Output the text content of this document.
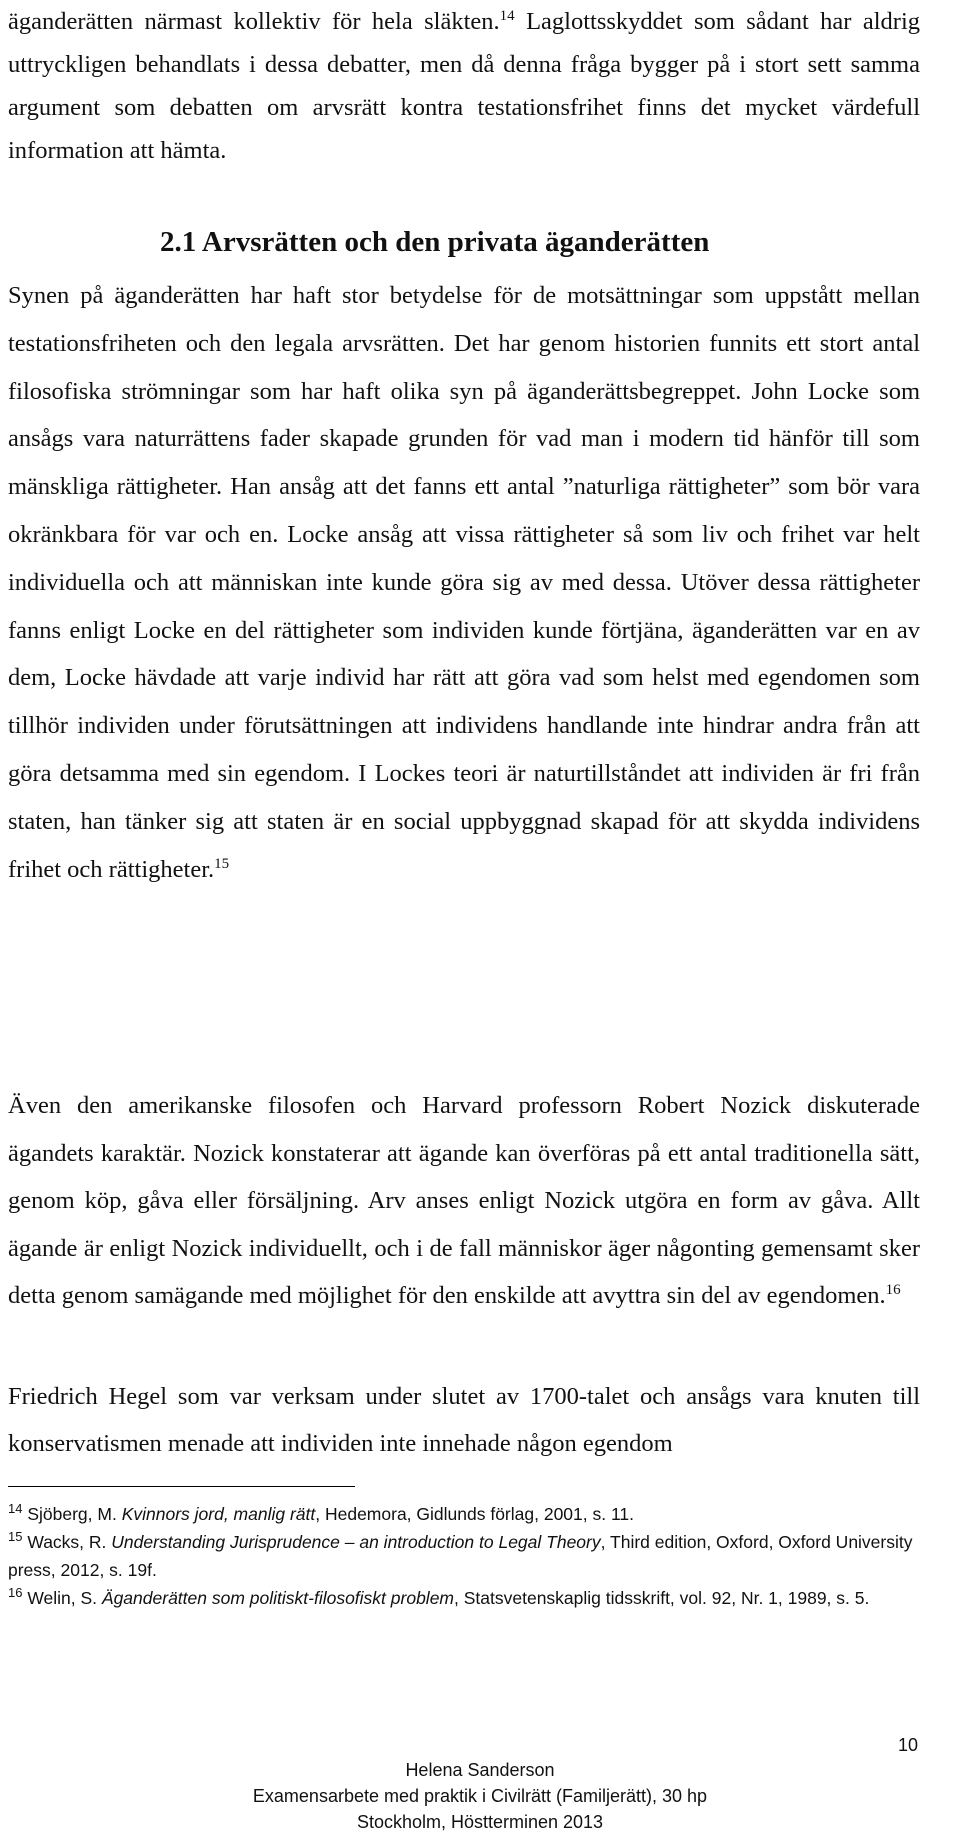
äganderätten närmast kollektiv för hela släkten.$^{14}$ Laglottsskyddet som sådant har aldrig uttryckligen behandlats i dessa debatter, men då denna fråga bygger på i stort sett samma argument som debatten om arvsrätt kontra testationsfrihet finns det mycket värdefull information att hämta.
2.1 Arvsrätten och den privata äganderätten
Synen på äganderätten har haft stor betydelse för de motsättningar som uppstått mellan testationsfriheten och den legala arvsrätten. Det har genom historien funnits ett stort antal filosofiska strömningar som har haft olika syn på äganderättsbegreppet. John Locke som ansågs vara naturrättens fader skapade grunden för vad man i modern tid hänför till som mänskliga rättigheter. Han ansåg att det fanns ett antal ”naturliga rättigheter” som bör vara okränkbara för var och en. Locke ansåg att vissa rättigheter så som liv och frihet var helt individuella och att människan inte kunde göra sig av med dessa. Utöver dessa rättigheter fanns enligt Locke en del rättigheter som individen kunde förtjäna, äganderätten var en av dem, Locke hävdade att varje individ har rätt att göra vad som helst med egendomen som tillhör individen under förutsättningen att individens handlande inte hindrar andra från att göra detsamma med sin egendom. I Lockes teori är naturtillståndet att individen är fri från staten, han tänker sig att staten är en social uppbyggnad skapad för att skydda individens frihet och rättigheter.$^{15}$
Även den amerikanske filosofen och Harvard professorn Robert Nozick diskuterade ägandets karaktär. Nozick konstaterar att ägande kan överföras på ett antal traditionella sätt, genom köp, gåva eller försäljning. Arv anses enligt Nozick utgöra en form av gåva. Allt ägande är enligt Nozick individuellt, och i de fall människor äger någonting gemensamt sker detta genom samägande med möjlighet för den enskilde att avyttra sin del av egendomen.$^{16}$
Friedrich Hegel som var verksam under slutet av 1700-talet och ansågs vara knuten till konservatismen menade att individen inte innehade någon egendom

$^{14}$ Sjöberg, M. Kvinnors jord, manlig rätt, Hedemora, Gidlunds förlag, 2001, s. 11.

$^{15}$ Wacks, R. Understanding Jurisprudence – an introduction to Legal Theory, Third edition, Oxford, Oxford University press, 2012, s. 19f.

$^{16}$ Welin, S. Äganderätten som politiskt-filosofiskt problem, Statsvetenskaplig tidsskrift, vol. 92, Nr. 1, 1989, s. 5.

10
Helena Sanderson
Examensarbete med praktik i Civilrätt (Familjerätt), 30 hp
Stockholm, Höstterminen 2013
